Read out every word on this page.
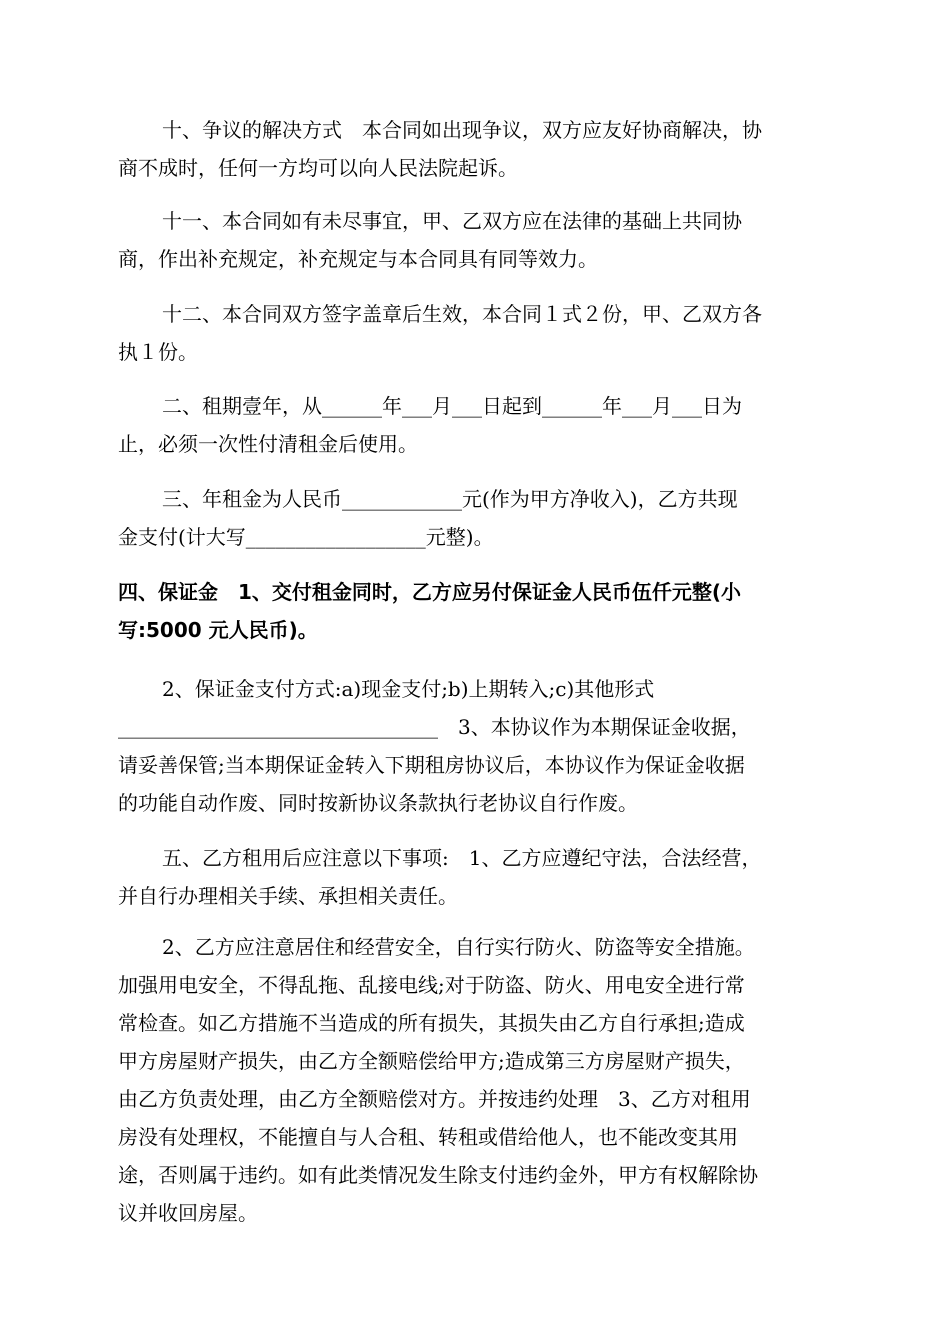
十、争议的解决方式　本合同如出现争议，双方应友好协商解决，协
商不成时，任何一方均可以向人民法院起诉。
十一、本合同如有未尽事宜，甲、乙双方应在法律的基础上共同协
商，作出补充规定，补充规定与本合同具有同等效力。
十二、本合同双方签字盖章后生效，本合同１式２份，甲、乙双方各
执１份。
二、租期壹年，从______年___月___日起到______年___月___日为
止，必须一次性付清租金后使用。
三、年租金为人民币____________元(作为甲方净收入)，乙方共现
金支付(计大写__________________元整)。
四、保证金　1、交付租金同时，乙方应另付保证金人民币伍仟元整(小
写:5000 元人民币)。
2、保证金支付方式:a)现金支付;b)上期转入;c)其他形式
________________________________　3、本协议作为本期保证金收据，
请妥善保管;当本期保证金转入下期租房协议后，本协议作为保证金收据
的功能自动作废、同时按新协议条款执行老协议自行作废。
五、乙方租用后应注意以下事项:　1、乙方应遵纪守法，合法经营，
并自行办理相关手续、承担相关责任。
2、乙方应注意居住和经营安全，自行实行防火、防盗等安全措施。
加强用电安全，不得乱拖、乱接电线;对于防盗、防火、用电安全进行常
常检查。如乙方措施不当造成的所有损失，其损失由乙方自行承担;造成
甲方房屋财产损失，由乙方全额赔偿给甲方;造成第三方房屋财产损失，
由乙方负责处理，由乙方全额赔偿对方。并按违约处理　3、乙方对租用
房没有处理权，不能擅自与人合租、转租或借给他人，也不能改变其用
途，否则属于违约。如有此类情况发生除支付违约金外，甲方有权解除协
议并收回房屋。
